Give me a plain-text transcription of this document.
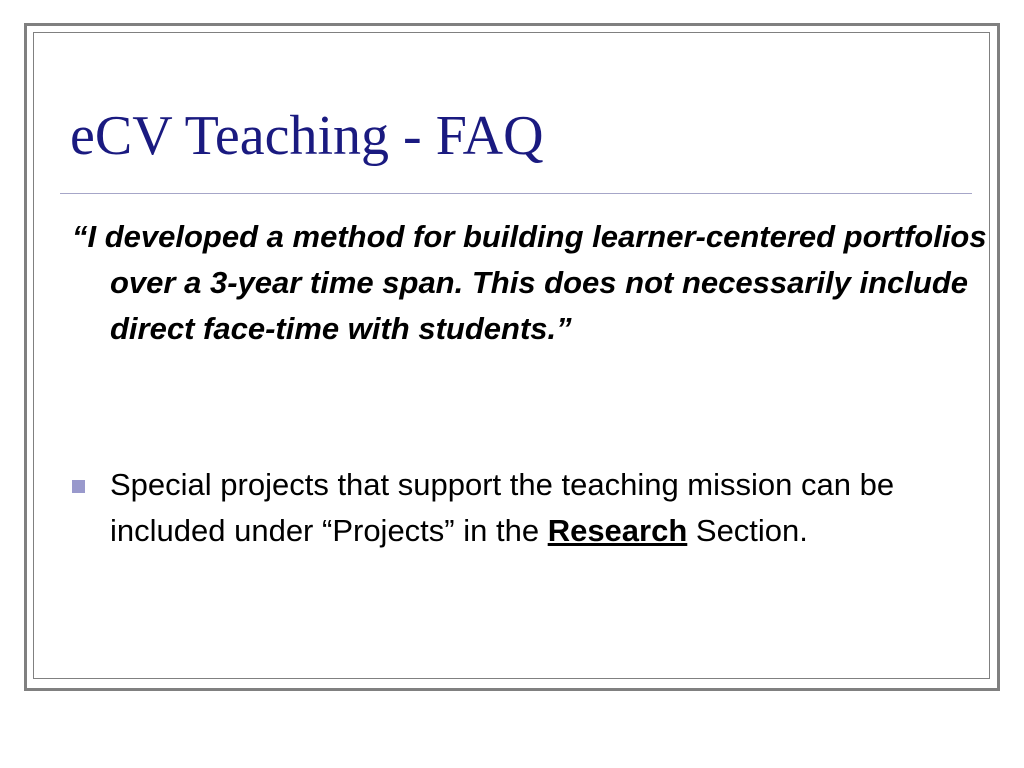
eCV Teaching - FAQ

“I developed a method for building learner-centered portfolios over a 3-year time span. This does not necessarily include direct face-time with students.”

Special projects that support the teaching mission can be included under “Projects” in the Research Section.
